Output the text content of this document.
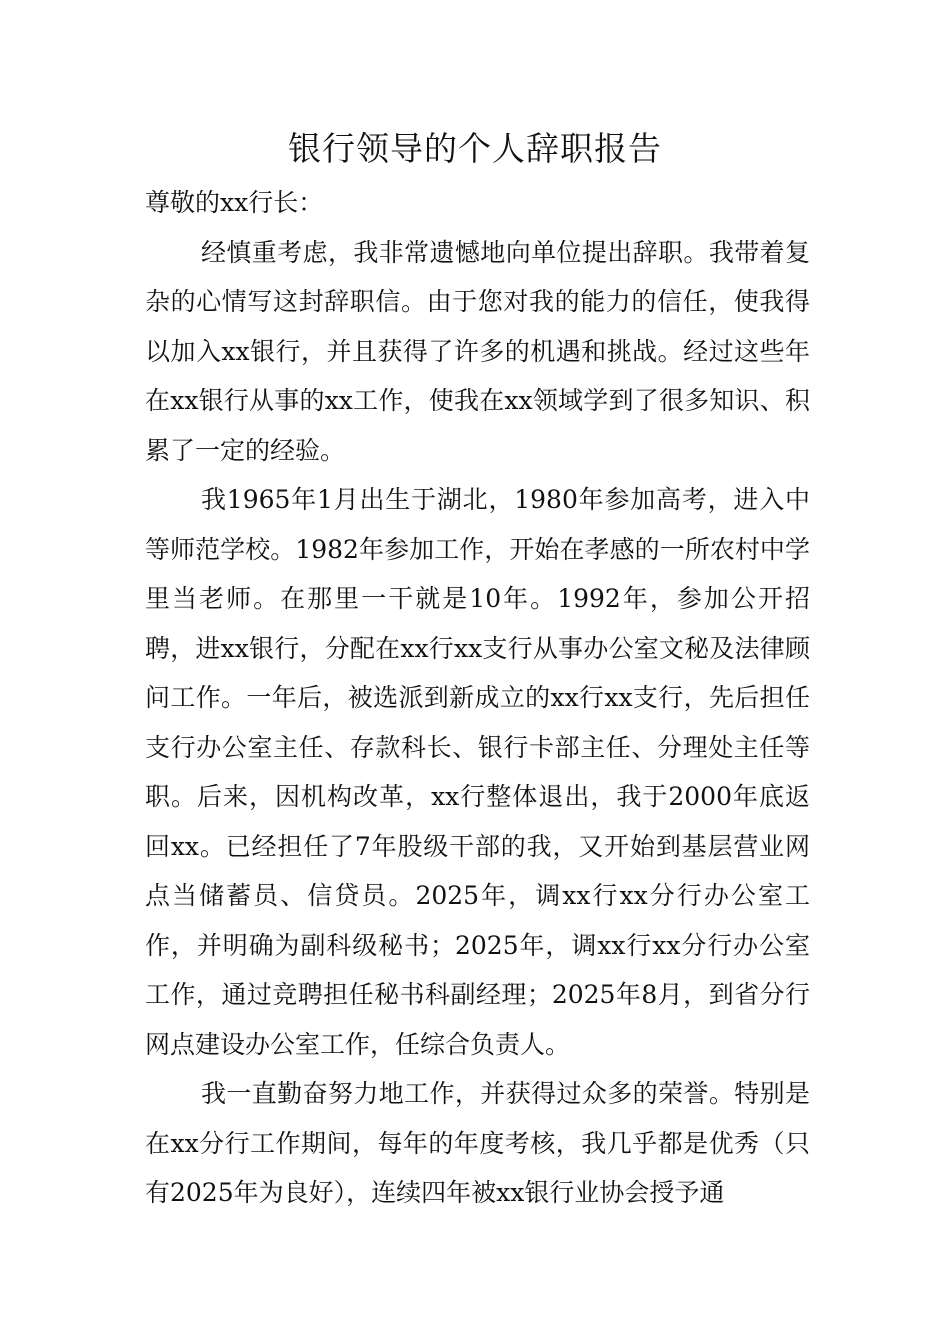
银行领导的个人辞职报告

尊敬的xx行长：

经慎重考虑，我非常遗憾地向单位提出辞职。我带着复杂的心情写这封辞职信。由于您对我的能力的信任，使我得以加入xx银行，并且获得了许多的机遇和挑战。经过这些年在xx银行从事的xx工作，使我在xx领域学到了很多知识、积累了一定的经验。

我1965年1月出生于湖北，1980年参加高考，进入中等师范学校。1982年参加工作，开始在孝感的一所农村中学里当老师。在那里一干就是10年。1992年，参加公开招聘，进xx银行，分配在xx行xx支行从事办公室文秘及法律顾问工作。一年后，被选派到新成立的xx行xx支行，先后担任支行办公室主任、存款科长、银行卡部主任、分理处主任等职。后来，因机构改革，xx行整体退出，我于2000年底返回xx。已经担任了7年股级干部的我，又开始到基层营业网点当储蓄员、信贷员。2025年，调xx行xx分行办公室工作，并明确为副科级秘书；2025年，调xx行xx分行办公室工作，通过竞聘担任秘书科副经理；2025年8月，到省分行网点建设办公室工作，任综合负责人。

我一直勤奋努力地工作，并获得过众多的荣誉。特别是在xx分行工作期间，每年的年度考核，我几乎都是优秀（只有2025年为良好），连续四年被xx银行业协会授予通
